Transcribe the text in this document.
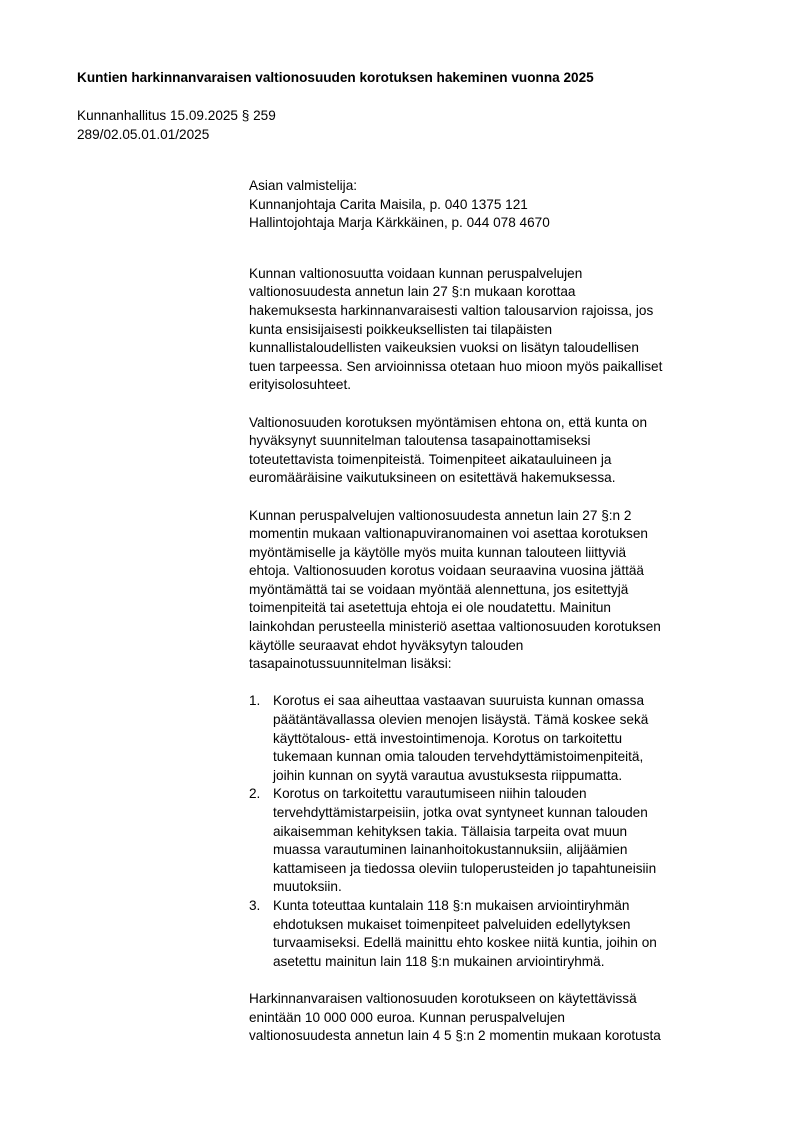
Kuntien harkinnanvaraisen valtionosuuden korotuksen hakeminen vuonna 2025
Kunnanhallitus 15.09.2025 § 259
289/02.05.01.01/2025
Asian valmistelija:
Kunnanjohtaja Carita Maisila, p. 040 1375 121
Hallintojohtaja Marja Kärkkäinen, p. 044 078 4670
Kunnan valtionosuutta voidaan kunnan peruspalvelujen
valtionosuudesta annetun lain 27 §:n mukaan korottaa
hakemuksesta harkinnanvaraisesti valtion talousarvion rajoissa, jos
kunta ensisijaisesti poikkeuksellisten tai tilapäisten
kunnallistaloudellisten vaikeuksien vuoksi on lisätyn taloudellisen
tuen tarpeessa. Sen arvioinnissa otetaan huo mioon myös paikalliset
erityisolosuhteet.
Valtionosuuden korotuksen myöntämisen ehtona on, että kunta on
hyväksynyt suunnitelman taloutensa tasapainottamiseksi
toteutettavista toimenpiteistä. Toimenpiteet aikatauluineen ja
euromääräisine vaikutuksineen on esitettävä hakemuksessa.
Kunnan peruspalvelujen valtionosuudesta annetun lain 27 §:n 2
momentin mukaan valtionapuviranomainen voi asettaa korotuksen
myöntämiselle ja käytölle myös muita kunnan talouteen liittyviä
ehtoja. Valtionosuuden korotus voidaan seuraavina vuosina jättää
myöntämättä tai se voidaan myöntää alennettuna, jos esitettyjä
toimenpiteitä tai asetettuja ehtoja ei ole noudatettu. Mainitun
lainkohdan perusteella ministeriö asettaa valtionosuuden korotuksen
käytölle seuraavat ehdot hyväksytyn talouden
tasapainotussuunnitelman lisäksi:
1. Korotus ei saa aiheuttaa vastaavan suuruista kunnan omassa
päätäntävallassa olevien menojen lisäystä. Tämä koskee sekä
käyttötalous- että investointimenoja. Korotus on tarkoitettu
tukemaan kunnan omia talouden tervehdyttämistoimenpiteitä,
joihin kunnan on syytä varautua avustuksesta riippumatta.
2. Korotus on tarkoitettu varautumiseen niihin talouden
tervehdyttämistarpeisiin, jotka ovat syntyneet kunnan talouden
aikaisemman kehityksen takia. Tällaisia tarpeita ovat muun
muassa varautuminen lainanhoitokustannuksiin, alijäämien
kattamiseen ja tiedossa oleviin tuloperusteiden jo tapahtuneisiin
muutoksiin.
3. Kunta toteuttaa kuntalain 118 §:n mukaisen arviointiryhmän
ehdotuksen mukaiset toimenpiteet palveluiden edellytyksen
turvaamiseksi. Edellä mainittu ehto koskee niitä kuntia, joihin on
asetettu mainitun lain 118 §:n mukainen arviointiryhmä.
Harkinnanvaraisen valtionosuuden korotukseen on käytettävissä
enintään 10 000 000 euroa. Kunnan peruspalvelujen
valtionosuudesta annetun lain 4 5 §:n 2 momentin mukaan korotusta
